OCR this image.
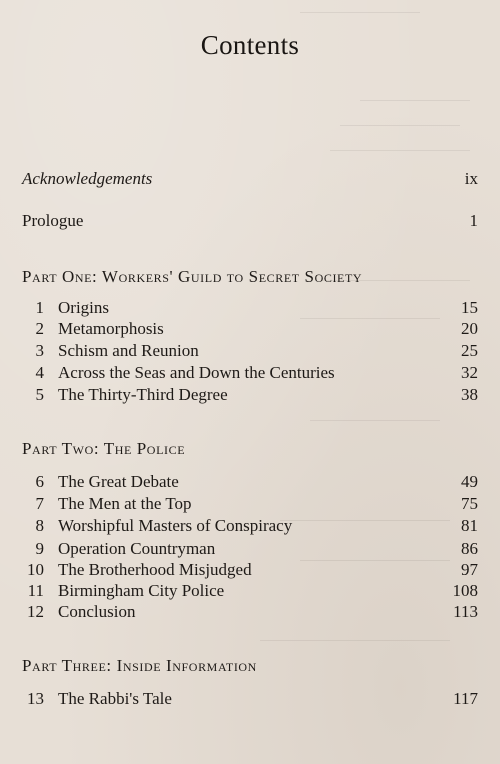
Contents
Acknowledgements	ix
Prologue	1
Part One: Workers' Guild to Secret Society
1 Origins	15
2 Metamorphosis	20
3 Schism and Reunion	25
4 Across the Seas and Down the Centuries	32
5 The Thirty-Third Degree	38
Part Two: The Police
6 The Great Debate	49
7 The Men at the Top	75
8 Worshipful Masters of Conspiracy	81
9 Operation Countryman	86
10 The Brotherhood Misjudged	97
11 Birmingham City Police	108
12 Conclusion	113
Part Three: Inside Information
13 The Rabbi's Tale	117
